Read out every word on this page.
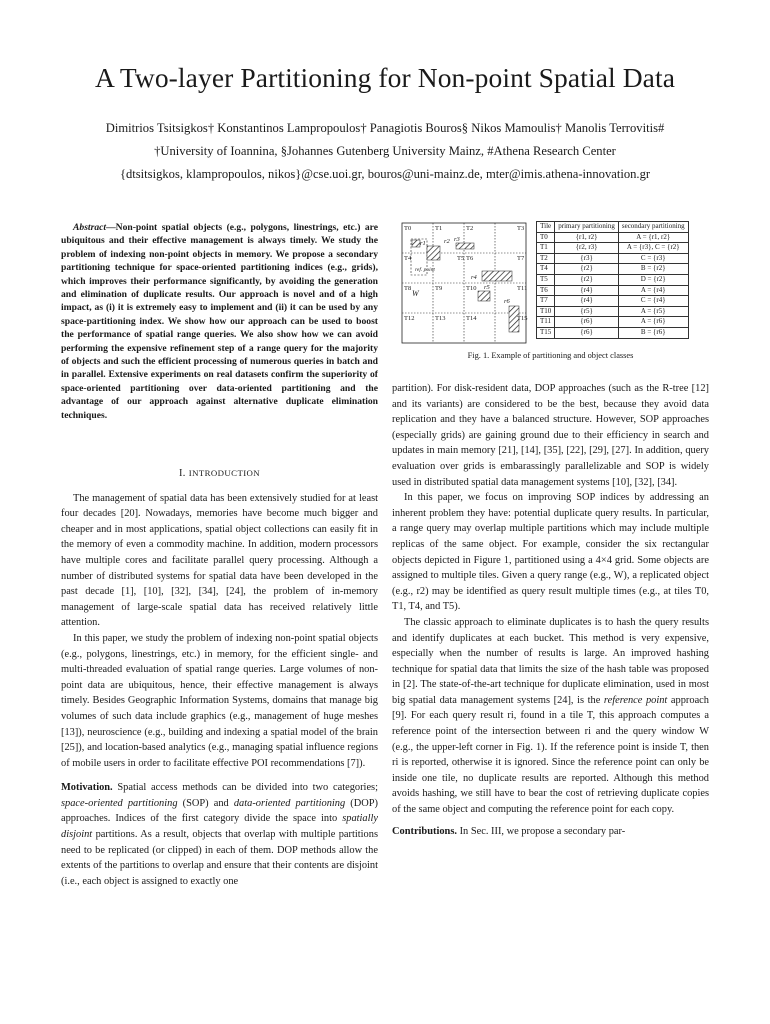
A Two-layer Partitioning for Non-point Spatial Data
Dimitrios Tsitsigkos† Konstantinos Lampropoulos† Panagiotis Bouros§ Nikos Mamoulis† Manolis Terrovitis#
†University of Ioannina, §Johannes Gutenberg University Mainz, #Athena Research Center
{dtsitsigkos, klampropoulos, nikos}@cse.uoi.gr, bouros@uni-mainz.de, mter@imis.athena-innovation.gr

Abstract—Non-point spatial objects (e.g., polygons, linestrings, etc.) are ubiquitous and their effective management is always timely. We study the problem of indexing non-point objects in memory. We propose a secondary partitioning technique for space-oriented partitioning indices (e.g., grids), which improves their performance significantly, by avoiding the generation and elimination of duplicate results. Our approach is novel and of a high impact, as (i) it is extremely easy to implement and (ii) it can be used by any space-partitioning index. We show how our approach can be used to boost the performance of spatial range queries. We also show how we can avoid performing the expensive refinement step of a range query for the majority of objects and such the efficient processing of numerous queries in batch and in parallel. Extensive experiments on real datasets confirm the superiority of space-oriented partitioning over data-oriented partitioning and the advantage of our approach against alternative duplicate elimination techniques.

I. INTRODUCTION

The management of spatial data has been extensively studied for at least four decades [20]. Nowadays, memories have become much bigger and cheaper and in most applications, spatial object collections can easily fit in the memory of even a commodity machine. In addition, modern processors have multiple cores and facilitate parallel query processing. Although a number of distributed systems for spatial data have been developed in the past decade [1], [10], [32], [34], [24], the problem of in-memory management of large-scale spatial data has received relatively little attention.

In this paper, we study the problem of indexing non-point spatial objects (e.g., polygons, linestrings, etc.) in memory, for the efficient single- and multi-threaded evaluation of spatial range queries. Large volumes of non-point data are ubiquitous, hence, their effective management is always timely. Besides Geographic Information Systems, domains that manage big volumes of such data include graphics (e.g., management of huge meshes [13]), neuroscience (e.g., building and indexing a spatial model of the brain [25]), and location-based analytics (e.g., managing spatial influence regions of mobile users in order to facilitate effective POI recommendations [7]).

Motivation. Spatial access methods can be divided into two categories; space-oriented partitioning (SOP) and data-oriented partitioning (DOP) approaches. Indices of the first category divide the space into spatially disjoint partitions. As a result, objects that overlap with multiple partitions need to be replicated (or clipped) in each of them. DOP methods allow the extents of the partitions to overlap and ensure that their contents are disjoint (i.e., each object is assigned to exactly one

T0	T1	T2	T3
T4	T5 T6	T7
T8	T9	T10	T11
T12	T13	T14	T15
r1	r2 r3
r4
r5
r6
W
ref. point
Tile	primary partitioning	secondary partitioning
T0	{r1, r2}	A = {r1, r2}
T1	{r2, r3}	A = {r3}, C = {r2}
T2	{r3}	C = {r3}
T4	{r2}	B = {r2}
T5	{r2}	D = {r2}
T6	{r4}	A = {r4}
T7	{r4}	C = {r4}
T10	{r5}	A = {r5}
T11	{r6}	A = {r6}
T15	{r6}	B = {r6}
Fig. 1. Example of partitioning and object classes

partition). For disk-resident data, DOP approaches (such as the R-tree [12] and its variants) are considered to be the best, because they avoid data replication and they have a balanced structure. However, SOP approaches (especially grids) are gaining ground due to their efficiency in search and updates in main memory [21], [14], [35], [22], [29], [27]. In addition, query evaluation over grids is embarassingly parallelizable and SOP is widely used in distributed spatial data management systems [10], [32], [34].

In this paper, we focus on improving SOP indices by addressing an inherent problem they have: potential duplicate query results. In particular, a range query may overlap multiple partitions which may include multiple replicas of the same object. For example, consider the six rectangular objects depicted in Figure 1, partitioned using a 4×4 grid. Some objects are assigned to multiple tiles. Given a query range (e.g., W), a replicated object (e.g., r2) may be identified as query result multiple times (e.g., at tiles T0, T1, T4, and T5).

The classic approach to eliminate duplicates is to hash the query results and identify duplicates at each bucket. This method is very expensive, especially when the number of results is large. An improved hashing technique for spatial data that limits the size of the hash table was proposed in [2]. The state-of-the-art technique for duplicate elimination, used in most big spatial data management systems [24], is the reference point approach [9]. For each query result ri, found in a tile T, this approach computes a reference point of the intersection between ri and the query window W (e.g., the upper-left corner in Fig. 1). If the reference point is inside T, then ri is reported, otherwise it is ignored. Since the reference point can only be inside one tile, no duplicate results are reported. Although this method avoids hashing, we still have to bear the cost of retrieving duplicate copies of the same object and computing the reference point for each copy.

Contributions. In Sec. III, we propose a secondary par-
